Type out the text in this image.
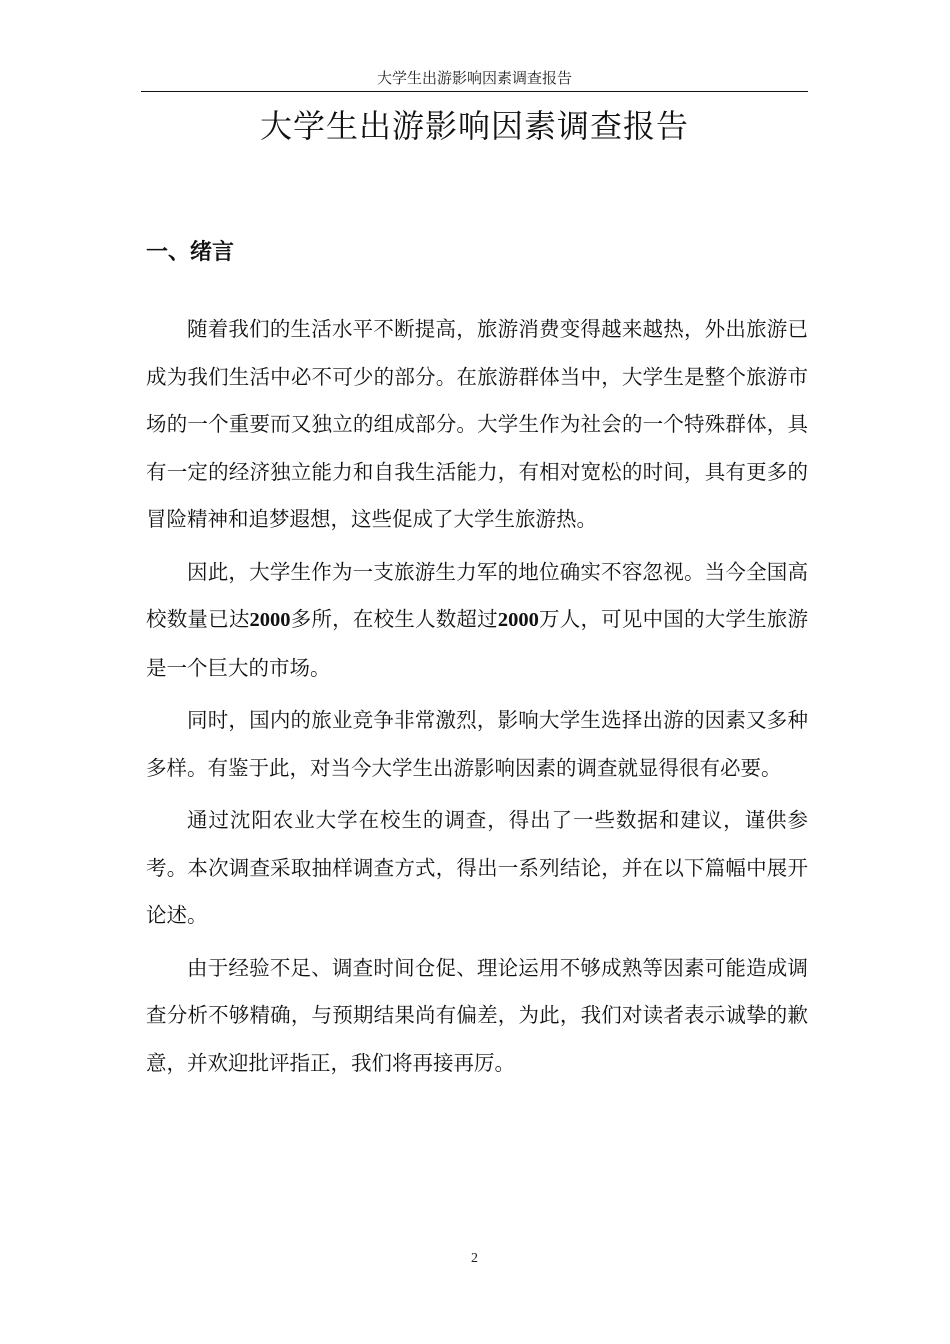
大学生出游影响因素调查报告
大学生出游影响因素调查报告
一、绪言

随着我们的生活水平不断提高，旅游消费变得越来越热，外出旅游已成为我们生活中必不可少的部分。在旅游群体当中，大学生是整个旅游市场的一个重要而又独立的组成部分。大学生作为社会的一个特殊群体，具有一定的经济独立能力和自我生活能力，有相对宽松的时间，具有更多的冒险精神和追梦遐想，这些促成了大学生旅游热。

因此，大学生作为一支旅游生力军的地位确实不容忽视。当今全国高校数量已达2000多所，在校生人数超过2000万人，可见中国的大学生旅游是一个巨大的市场。

同时，国内的旅业竞争非常激烈，影响大学生选择出游的因素又多种多样。有鉴于此，对当今大学生出游影响因素的调查就显得很有必要。

通过沈阳农业大学在校生的调查，得出了一些数据和建议，谨供参考。本次调查采取抽样调查方式，得出一系列结论，并在以下篇幅中展开论述。

由于经验不足、调查时间仓促、理论运用不够成熟等因素可能造成调查分析不够精确，与预期结果尚有偏差，为此，我们对读者表示诚挚的歉意，并欢迎批评指正，我们将再接再厉。

2
